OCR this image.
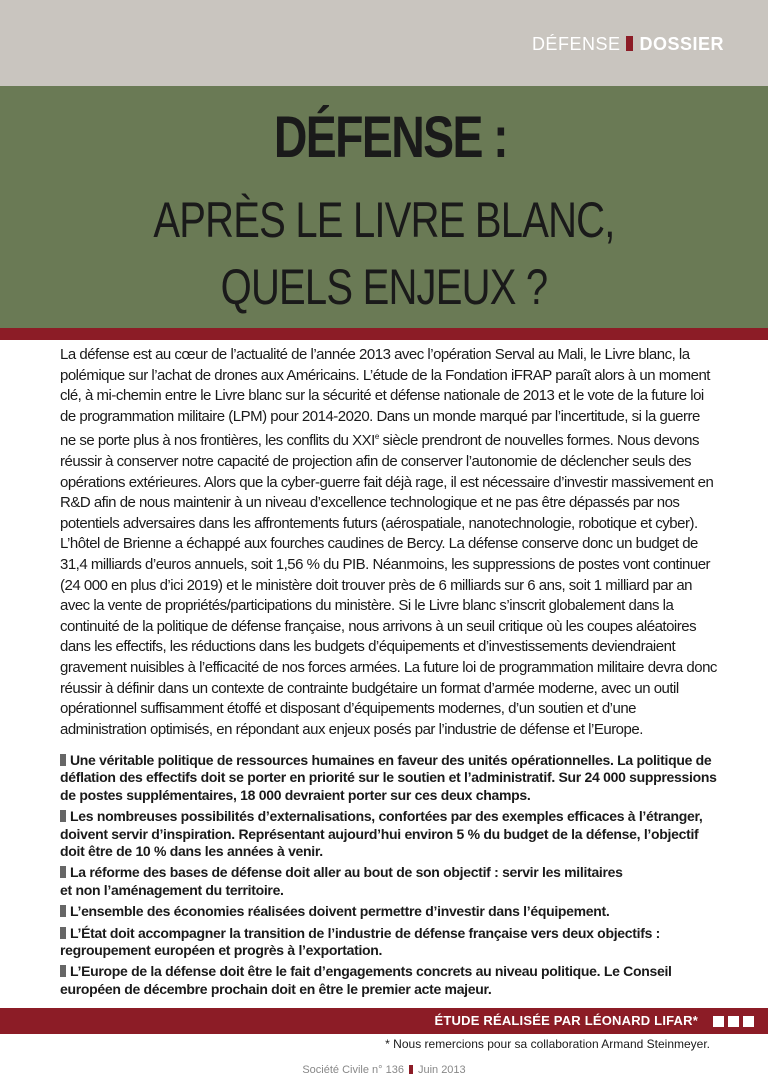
DÉFENSE DOSSIER
DÉFENSE :
APRÈS LE LIVRE BLANC,
QUELS ENJEUX ?
La défense est au cœur de l’actualité de l’année 2013 avec l’opération Serval au Mali, le Livre blanc, la
polémique sur l’achat de drones aux Américains. L’étude de la Fondation iFRAP paraît alors à un moment
clé, à mi-chemin entre le Livre blanc sur la sécurité et défense nationale de 2013 et le vote de la future loi
de programmation militaire (LPM) pour 2014-2020. Dans un monde marqué par l’incertitude, si la guerre
ne se porte plus à nos frontières, les conflits du XXIe siècle prendront de nouvelles formes. Nous devons
réussir à conserver notre capacité de projection afin de conserver l’autonomie de déclencher seuls des
opérations extérieures. Alors que la cyber-guerre fait déjà rage, il est nécessaire d’investir massivement en
R&D afin de nous maintenir à un niveau d’excellence technologique et ne pas être dépassés par nos
potentiels adversaires dans les affrontements futurs (aérospatiale, nanotechnologie, robotique et cyber).
L’hôtel de Brienne a échappé aux fourches caudines de Bercy. La défense conserve donc un budget de
31,4 milliards d’euros annuels, soit 1,56 % du PIB. Néanmoins, les suppressions de postes vont continuer
(24 000 en plus d’ici 2019) et le ministère doit trouver près de 6 milliards sur 6 ans, soit 1 milliard par an
avec la vente de propriétés/participations du ministère. Si le Livre blanc s’inscrit globalement dans la
continuité de la politique de défense française, nous arrivons à un seuil critique où les coupes aléatoires
dans les effectifs, les réductions dans les budgets d’équipements et d’investissements deviendraient
gravement nuisibles à l’efficacité de nos forces armées. La future loi de programmation militaire devra donc
réussir à définir dans un contexte de contrainte budgétaire un format d’armée moderne, avec un outil
opérationnel suffisamment étoffé et disposant d’équipements modernes, d’un soutien et d’une
administration optimisés, en répondant aux enjeux posés par l’industrie de défense et l’Europe.
Une véritable politique de ressources humaines en faveur des unités opérationnelles. La politique de
déflation des effectifs doit se porter en priorité sur le soutien et l’administratif. Sur 24 000 suppressions
de postes supplémentaires, 18 000 devraient porter sur ces deux champs.
Les nombreuses possibilités d’externalisations, confortées par des exemples efficaces à l’étranger,
doivent servir d’inspiration. Représentant aujourd’hui environ 5 % du budget de la défense, l’objectif
doit être de 10 % dans les années à venir.
La réforme des bases de défense doit aller au bout de son objectif : servir les militaires
et non l’aménagement du territoire.
L’ensemble des économies réalisées doivent permettre d’investir dans l’équipement.
L’État doit accompagner la transition de l’industrie de défense française vers deux objectifs :
regroupement européen et progrès à l’exportation.
L’Europe de la défense doit être le fait d’engagements concrets au niveau politique. Le Conseil
européen de décembre prochain doit en être le premier acte majeur.
ÉTUDE RÉALISÉE PAR LÉONARD LIFAR*
* Nous remercions pour sa collaboration Armand Steinmeyer.
Société Civile n° 136 Juin 2013
